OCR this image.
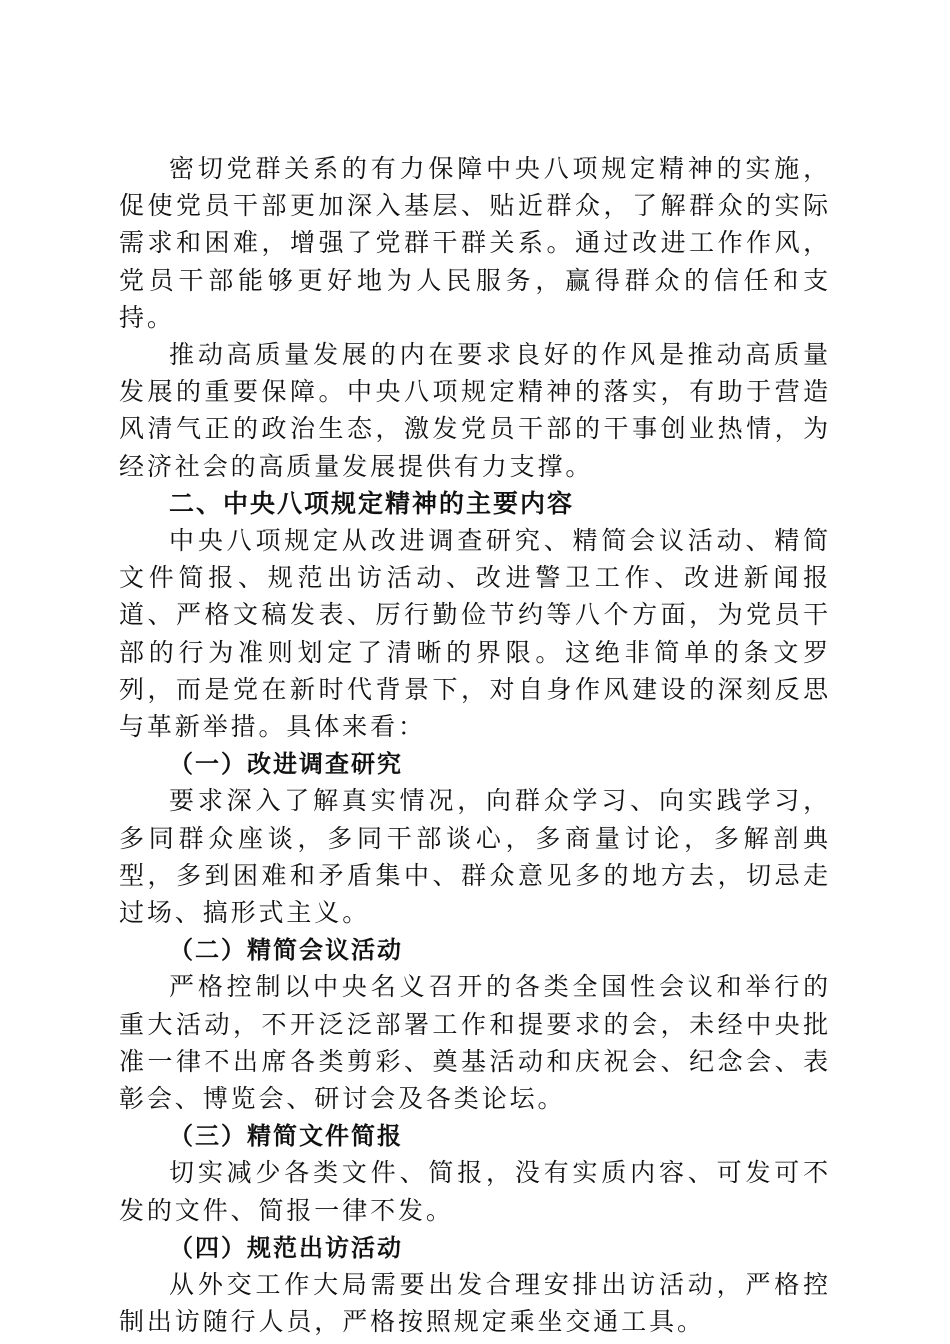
密切党群关系的有力保障中央八项规定精神的实施，促使党员干部更加深入基层、贴近群众，了解群众的实际需求和困难，增强了党群干群关系。通过改进工作作风，党员干部能够更好地为人民服务，赢得群众的信任和支持。

推动高质量发展的内在要求良好的作风是推动高质量发展的重要保障。中央八项规定精神的落实，有助于营造风清气正的政治生态，激发党员干部的干事创业热情，为经济社会的高质量发展提供有力支撑。

二、中央八项规定精神的主要内容

中央八项规定从改进调查研究、精简会议活动、精简文件简报、规范出访活动、改进警卫工作、改进新闻报道、严格文稿发表、厉行勤俭节约等八个方面，为党员干部的行为准则划定了清晰的界限。这绝非简单的条文罗列，而是党在新时代背景下，对自身作风建设的深刻反思与革新举措。具体来看：

（一）改进调查研究

要求深入了解真实情况，向群众学习、向实践学习，多同群众座谈，多同干部谈心，多商量讨论，多解剖典型，多到困难和矛盾集中、群众意见多的地方去，切忌走过场、搞形式主义。

（二）精简会议活动

严格控制以中央名义召开的各类全国性会议和举行的重大活动，不开泛泛部署工作和提要求的会，未经中央批准一律不出席各类剪彩、奠基活动和庆祝会、纪念会、表彰会、博览会、研讨会及各类论坛。

（三）精简文件简报

切实减少各类文件、简报，没有实质内容、可发可不发的文件、简报一律不发。

（四）规范出访活动

从外交工作大局需要出发合理安排出访活动，严格控制出访随行人员，严格按照规定乘坐交通工具。
